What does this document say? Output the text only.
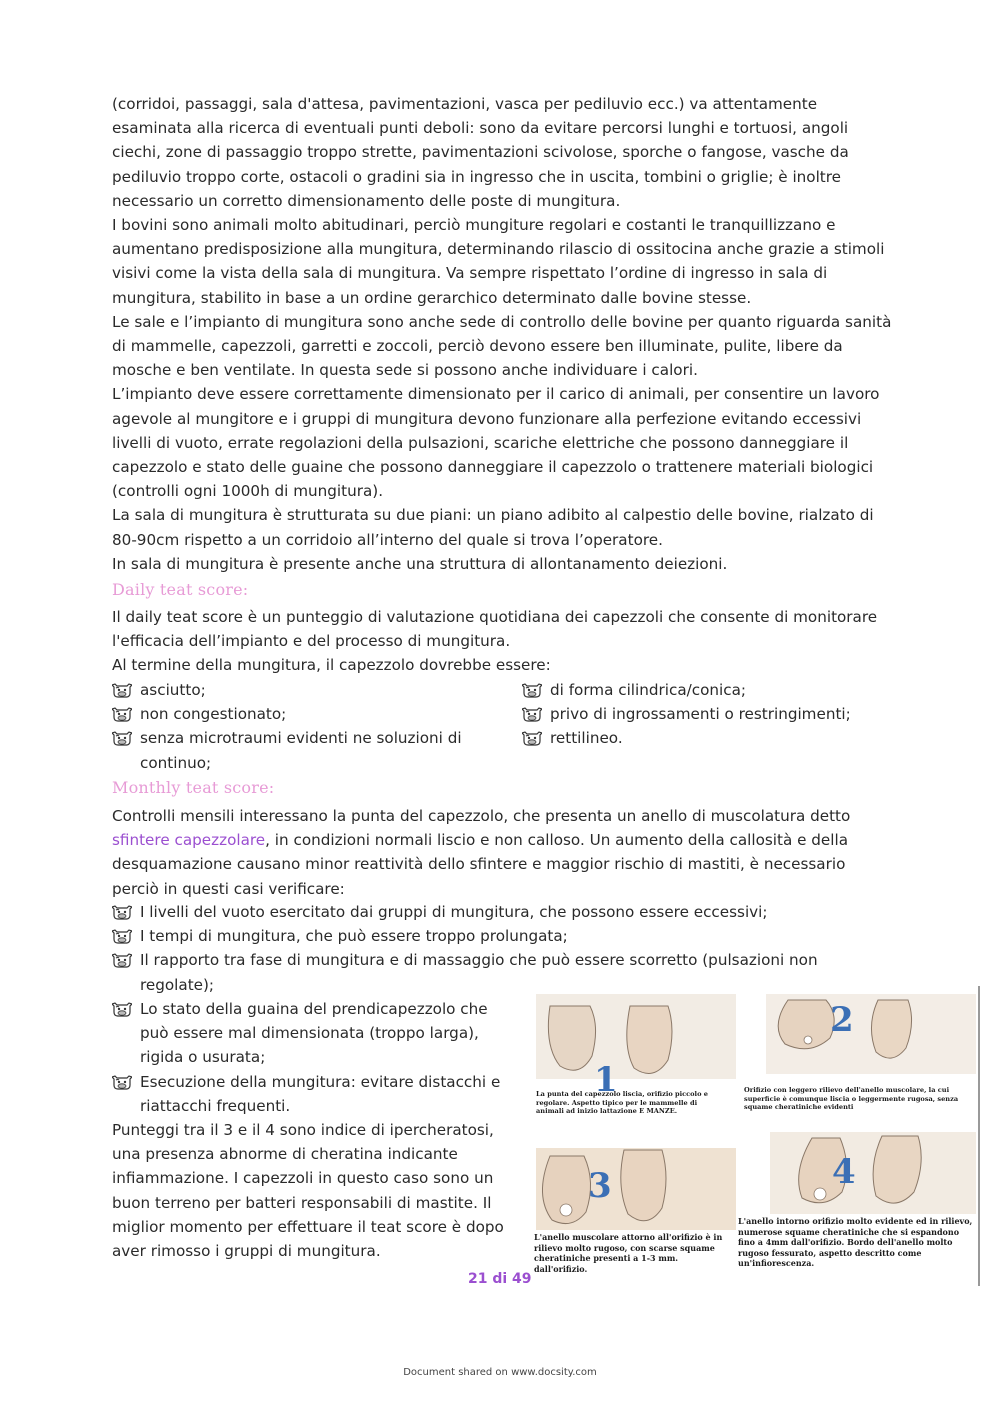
(corridoi, passaggi, sala d'attesa, pavimentazioni, vasca per pediluvio ecc.) va attentamente esaminata alla ricerca di eventuali punti deboli: sono da evitare percorsi lunghi e tortuosi, angoli ciechi, zone di passaggio troppo strette, pavimentazioni scivolose, sporche o fangose, vasche da pediluvio troppo corte, ostacoli o gradini sia in ingresso che in uscita, tombini o griglie; è inoltre necessario un corretto dimensionamento delle poste di mungitura.

I bovini sono animali molto abitudinari, perciò mungiture regolari e costanti le tranquillizzano e aumentano predisposizione alla mungitura, determinando rilascio di ossitocina anche grazie a stimoli visivi come la vista della sala di mungitura. Va sempre rispettato l’ordine di ingresso in sala di mungitura, stabilito in base a un ordine gerarchico determinato dalle bovine stesse.

Le sale e l’impianto di mungitura sono anche sede di controllo delle bovine per quanto riguarda sanità di mammelle, capezzoli, garretti e zoccoli, perciò devono essere ben illuminate, pulite, libere da mosche e ben ventilate. In questa sede si possono anche individuare i calori.

L’impianto deve essere correttamente dimensionato per il carico di animali, per consentire un lavoro agevole al mungitore e i gruppi di mungitura devono funzionare alla perfezione evitando eccessivi livelli di vuoto, errate regolazioni della pulsazioni, scariche elettriche che possono danneggiare il capezzolo e stato delle guaine che possono danneggiare il capezzolo o trattenere materiali biologici (controlli ogni 1000h di mungitura).

La sala di mungitura è strutturata su due piani: un piano adibito al calpestio delle bovine, rialzato di 80-90cm rispetto a un corridoio all’interno del quale si trova l’operatore.

In sala di mungitura è presente anche una struttura di allontanamento deiezioni.

Daily teat score:

Il daily teat score è un punteggio di valutazione quotidiana dei capezzoli che consente di monitorare l'efficacia dell’impianto e del processo di mungitura.

Al termine della mungitura, il capezzolo dovrebbe essere:

asciutto;
non congestionato;
senza microtraumi evidenti ne soluzioni di continuo;
di forma cilindrica/conica;
privo di ingrossamenti o restringimenti;
rettilineo.
Monthly teat score:

Controlli mensili interessano la punta del capezzolo, che presenta un anello di muscolatura detto
sfintere capezzolare, in condizioni normali liscio e non calloso. Un aumento della callosità e della desquamazione causano minor reattività dello sfintere e maggior rischio di mastiti, è necessario perciò in questi casi verificare:

I livelli del vuoto esercitato dai gruppi di mungitura, che possono essere eccessivi;
I tempi di mungitura, che può essere troppo prolungata;
Il rapporto tra fase di mungitura e di massaggio che può essere scorretto (pulsazioni non regolate);
Lo stato della guaina del prendicapezzolo che può essere mal dimensionata (troppo larga), rigida o usurata;
Esecuzione della mungitura: evitare distacchi e riattacchi frequenti.

Punteggi tra il 3 e il 4 sono indice di ipercheratosi, una presenza abnorme di cheratina indicante infiammazione. I capezzoli in questo caso sono un buon terreno per batteri responsabili di mastite. Il miglior momento per effettuare il teat score è dopo aver rimosso i gruppi di mungitura.

1
2
3	4
La punta del capezzolo liscia, orifizio piccolo e regolare. Aspetto tipico per le mammelle di animali ad inizio lattazione E MANZE.
Orifizio con leggero rilievo dell'anello muscolare, la cui superficie è comunque liscia o leggermente rugosa, senza squame cheratiniche evidenti
L'anello muscolare attorno all'orifizio è in rilievo molto rugoso, con scarse squame cheratiniche presenti a 1-3 mm. dall'orifizio.
L'anello intorno orifizio molto evidente ed in rilievo, numerose squame cheratiniche che si espandono fino a 4mm dall'orifizio. Bordo dell'anello molto rugoso fessurato, aspetto descritto come un'infiorescenza.
21 di 49
Document shared on www.docsity.com
